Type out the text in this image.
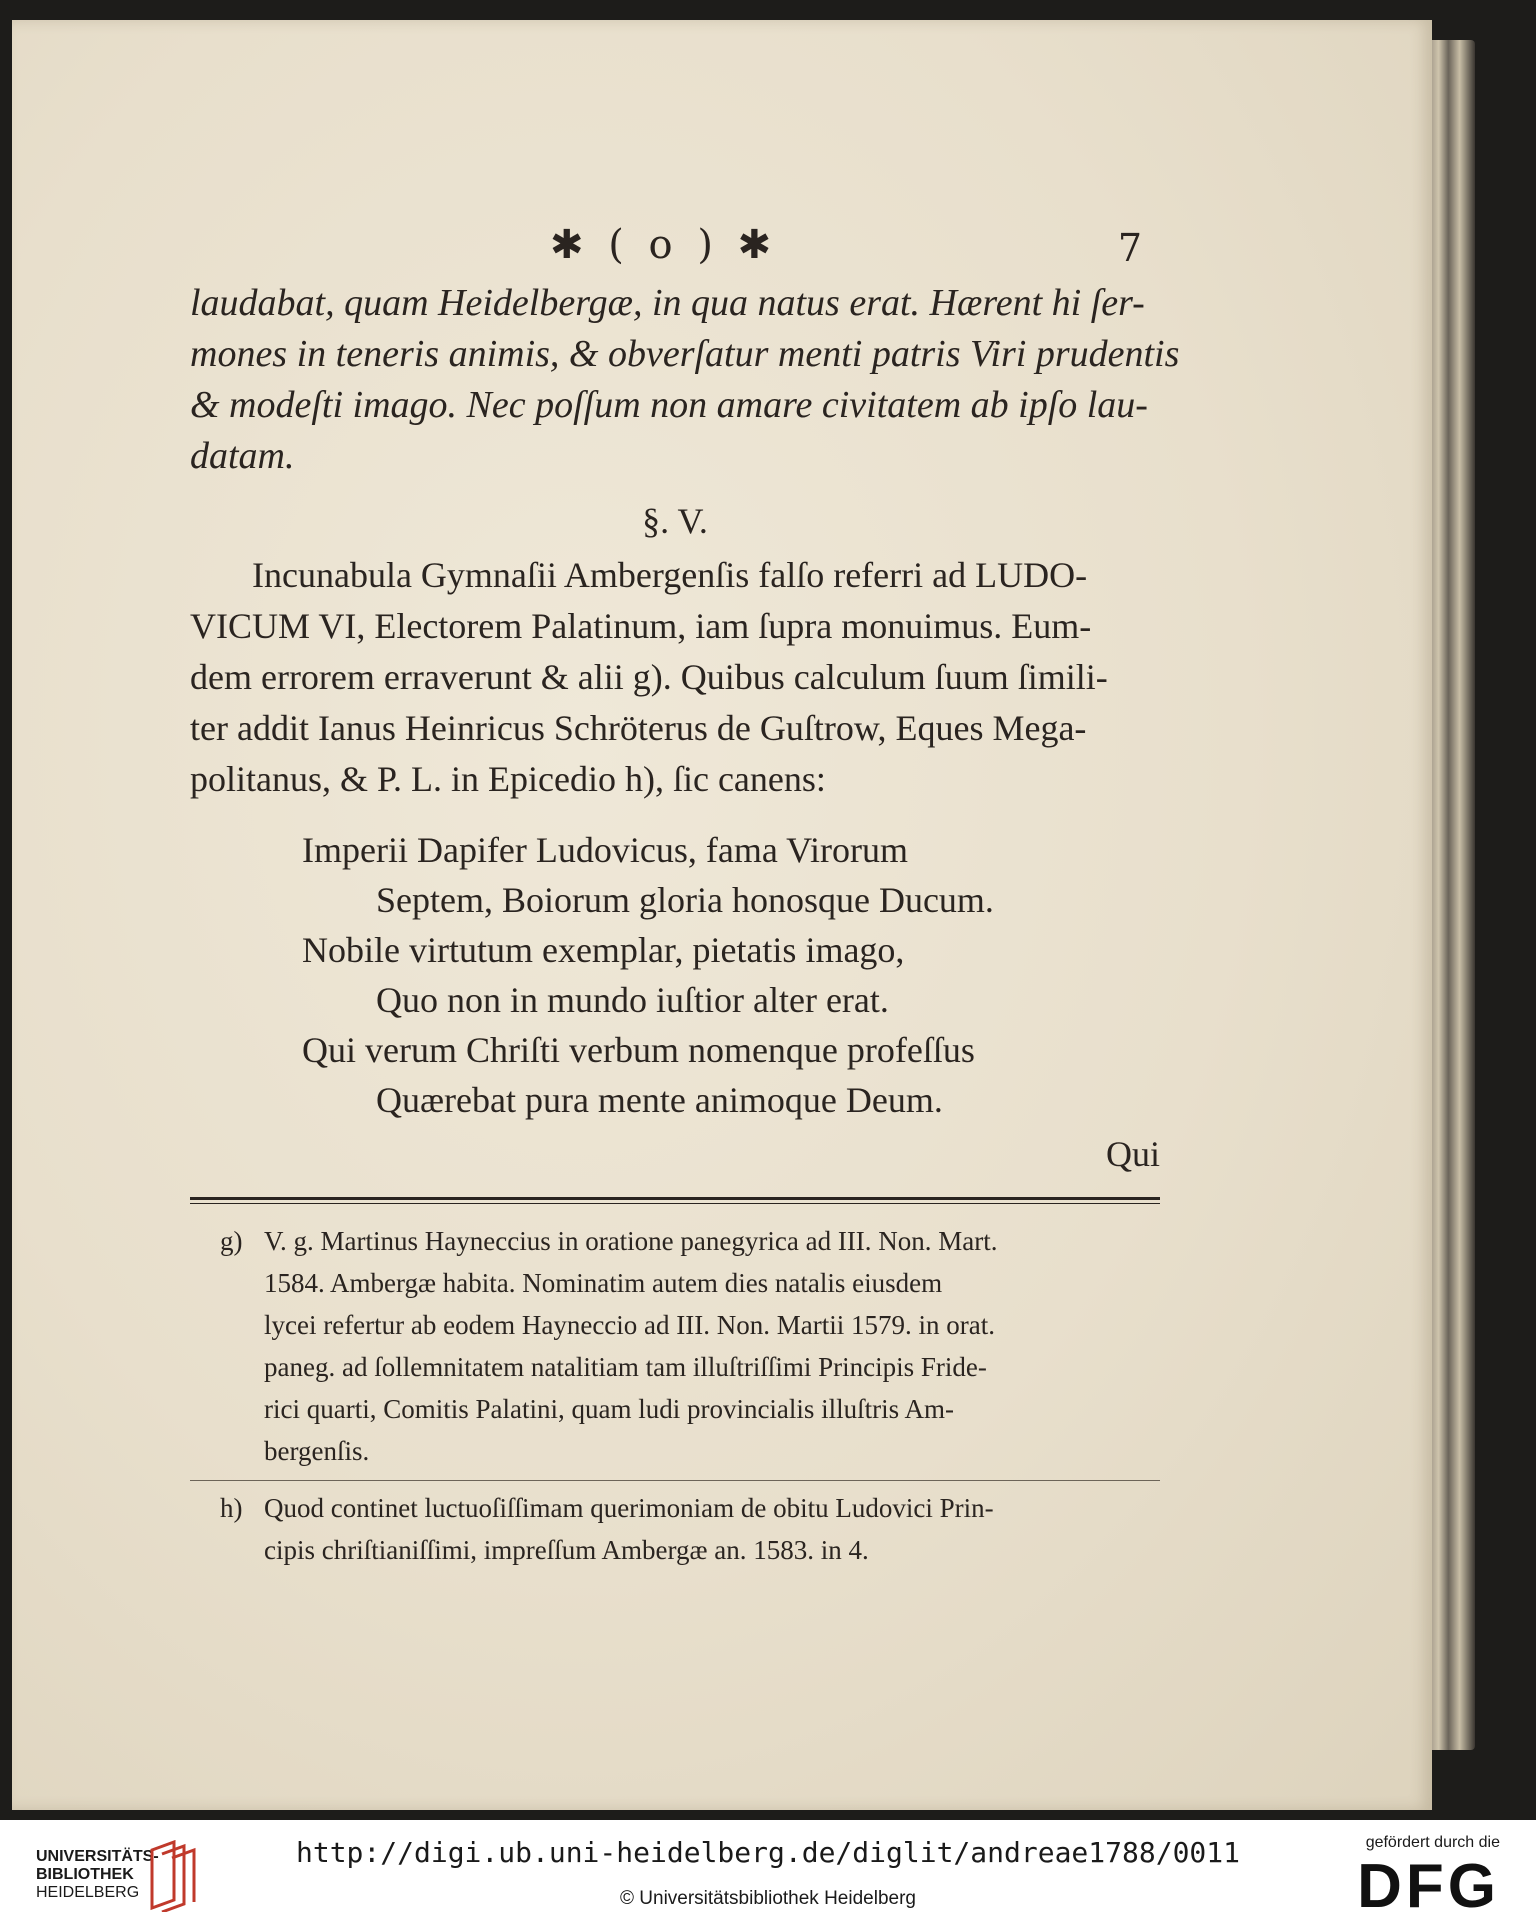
✱ ( o ) ✱	7

laudabat, quam Heidelbergæ, in qua natus erat. Hærent hi ſer-
mones in teneris animis, & obverſatur menti patris Viri prudentis
& modeſti imago. Nec poſſum non amare civitatem ab ipſo lau-
datam.

§. V.

Incunabula Gymnaſii Ambergenſis falſo referri ad LUDO-
VICUM VI, Electorem Palatinum, iam ſupra monuimus. Eum-
dem errorem erraverunt & alii g). Quibus calculum ſuum ſimili-
ter addit Ianus Heinricus Schröterus de Guſtrow, Eques Mega-
politanus, & P. L. in Epicedio h), ſic canens:

Imperii Dapifer Ludovicus, fama Virorum
Septem, Boiorum gloria honosque Ducum.
Nobile virtutum exemplar, pietatis imago,
Quo non in mundo iuſtior alter erat.
Qui verum Chriſti verbum nomenque profeſſus
Quærebat pura mente animoque Deum.
Qui
g) V. g. Martinus Hayneccius in oratione panegyrica ad III. Non. Mart.
1584. Ambergæ habita. Nominatim autem dies natalis eiusdem
lycei refertur ab eodem Hayneccio ad III. Non. Martii 1579. in orat.
paneg. ad ſollemnitatem natalitiam tam illuſtriſſimi Principis Fride-
rici quarti, Comitis Palatini, quam ludi provincialis illuſtris Am-
bergenſis.
h) Quod continet luctuoſiſſimam querimoniam de obitu Ludovici Prin-
cipis chriſtianiſſimi, impreſſum Ambergæ an. 1583. in 4.
UNIVERSITÄTS-
BIBLIOTHEK
HEIDELBERG
http://digi.ub.uni-heidelberg.de/diglit/andreae1788/0011
© Universitätsbibliothek Heidelberg
gefördert durch die
DFG
